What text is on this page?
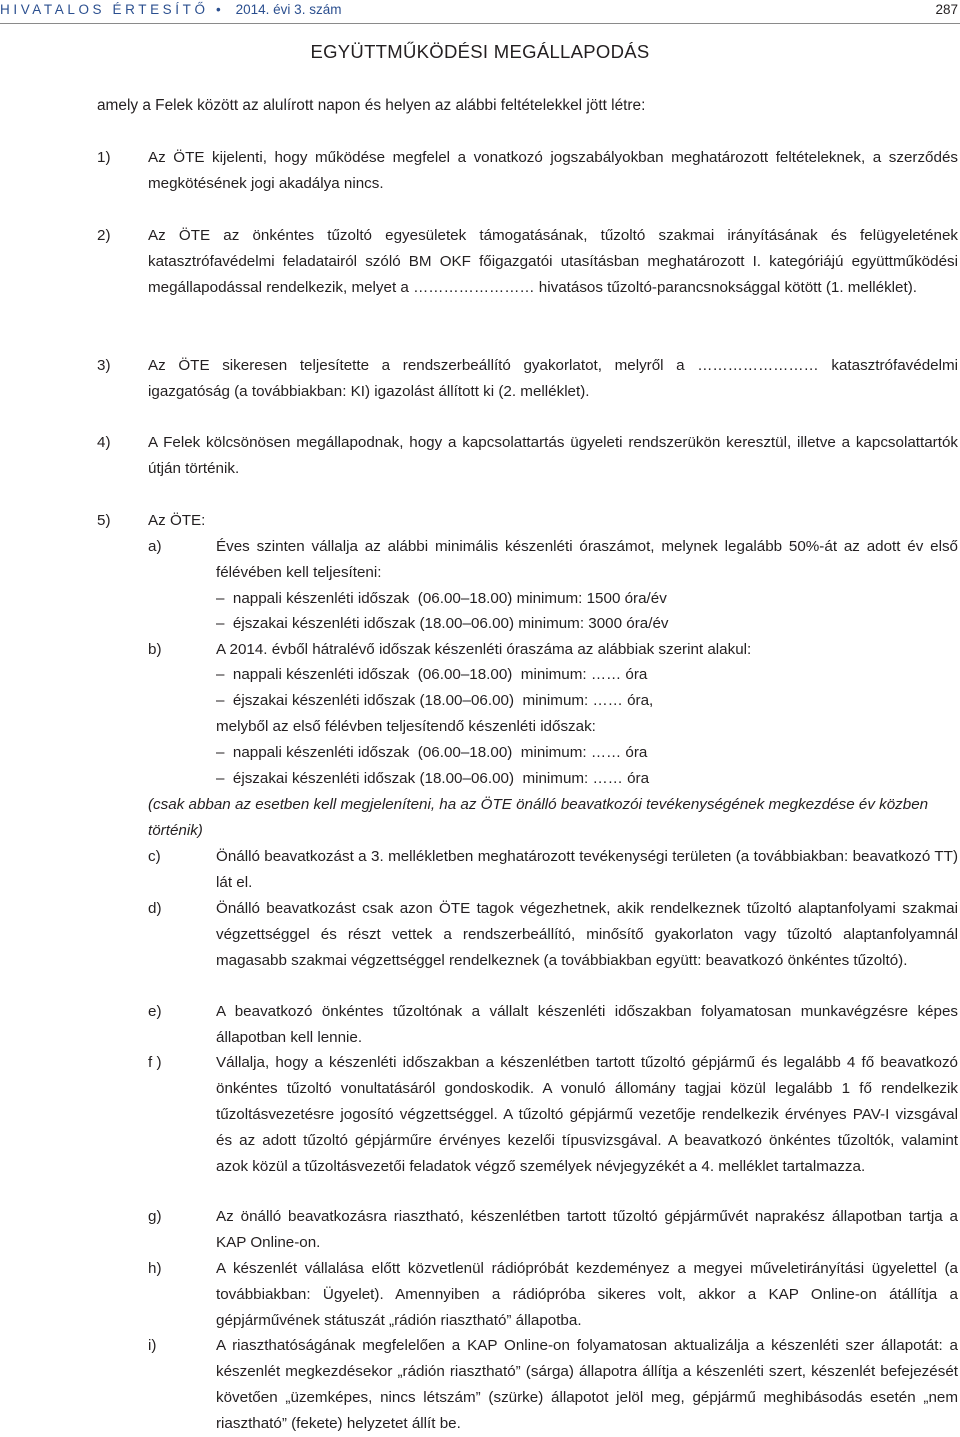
HIVATALOS ÉRTESÍTŐ • 2014. évi 3. szám	287
EGYÜTTMŰKÖDÉSI MEGÁLLAPODÁS
amely a Felek között az alulírott napon és helyen az alábbi feltételekkel jött létre:
1) Az ÖTE kijelenti, hogy működése megfelel a vonatkozó jogszabályokban meghatározott feltételeknek, a szerződés megkötésének jogi akadálya nincs.
2) Az ÖTE az önkéntes tűzoltó egyesületek támogatásának, tűzoltó szakmai irányításának és felügyeletének katasztrófavédelmi feladatairól szóló BM OKF főigazgatói utasításban meghatározott I. kategóriájú együttműködési megállapodással rendelkezik, melyet a …………………… hivatásos tűzoltó-parancsnoksággal kötött (1. melléklet).
3) Az ÖTE sikeresen teljesítette a rendszerbeállító gyakorlatot, melyről a …………………… katasztrófavédelmi igazgatóság (a továbbiakban: KI) igazolást állított ki (2. melléklet).
4) A Felek kölcsönösen megállapodnak, hogy a kapcsolattartás ügyeleti rendszerükön keresztül, illetve a kapcsolattartók útján történik.
5) Az ÖTE:
a)	Éves szinten vállalja az alábbi minimális készenléti óraszámot, melynek legalább 50%-át az adott év első félévében kell teljesíteni:
–  nappali készenléti időszak  (06.00–18.00) minimum: 1500 óra/év
–  éjszakai készenléti időszak (18.00–06.00) minimum: 3000 óra/év
b)	A 2014. évből hátralévő időszak készenléti óraszáma az alábbiak szerint alakul:
–  nappali készenléti időszak  (06.00–18.00)  minimum: …… óra
–  éjszakai készenléti időszak (18.00–06.00)  minimum: …… óra,
melyből az első félévben teljesítendő készenléti időszak:
–  nappali készenléti időszak  (06.00–18.00)  minimum: …… óra
–  éjszakai készenléti időszak (18.00–06.00)  minimum: …… óra
(csak abban az esetben kell megjeleníteni, ha az ÖTE önálló beavatkozói tevékenységének megkezdése év közben történik)
c)	Önálló beavatkozást a 3. mellékletben meghatározott tevékenységi területen (a továbbiakban: beavatkozó TT) lát el.
d)	Önálló beavatkozást csak azon ÖTE tagok végezhetnek, akik rendelkeznek tűzoltó alaptanfolyami szakmai végzettséggel és részt vettek a rendszerbeállító, minősítő gyakorlaton vagy tűzoltó alaptanfolyamnál magasabb szakmai végzettséggel rendelkeznek (a továbbiakban együtt: beavatkozó önkéntes tűzoltó).
e)	A beavatkozó önkéntes tűzoltónak a vállalt készenléti időszakban folyamatosan munkavégzésre képes állapotban kell lennie.
f )	Vállalja, hogy a készenléti időszakban a készenlétben tartott tűzoltó gépjármű és legalább 4 fő beavatkozó önkéntes tűzoltó vonultatásáról gondoskodik. A vonuló állomány tagjai közül legalább 1 fő rendelkezik tűzoltásvezetésre jogosító végzettséggel. A tűzoltó gépjármű vezetője rendelkezik érvényes PAV-I vizsgával és az adott tűzoltó gépjárműre érvényes kezelői típusvizsgával. A beavatkozó önkéntes tűzoltók, valamint azok közül a tűzoltásvezetői feladatok végző személyek névjegyzékét a 4. melléklet tartalmazza.
g)	Az önálló beavatkozásra riasztható, készenlétben tartott tűzoltó gépjárművét naprakész állapotban tartja a KAP Online-on.
h)	A készenlét vállalása előtt közvetlenül rádiópróbát kezdeményez a megyei műveletirányítási ügyelettel (a továbbiakban: Ügyelet). Amennyiben a rádiópróba sikeres volt, akkor a KAP Online-on átállítja a gépjárművének státuszát „rádión riasztható” állapotba.
i)	A riaszthatóságának megfelelően a KAP Online-on folyamatosan aktualizálja a készenléti szer állapotát: a készenlét megkezdésekor „rádión riasztható” (sárga) állapotra állítja a készenléti szert, készenlét befejezését követően „üzemképes, nincs létszám” (szürke) állapotot jelöl meg, gépjármű meghibásodás esetén „nem riasztható” (fekete) helyzetet állít be.
